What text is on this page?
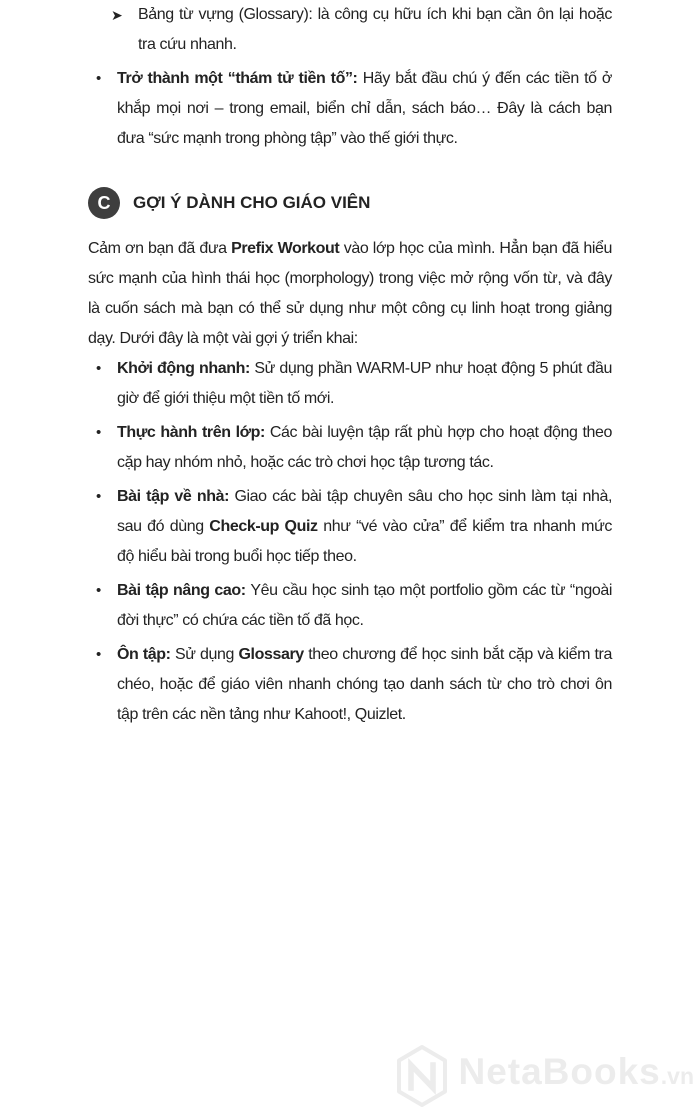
➤ Bảng từ vựng (Glossary): là công cụ hữu ích khi bạn cần ôn lại hoặc tra cứu nhanh.
• Trở thành một “thám tử tiền tố”: Hãy bắt đầu chú ý đến các tiền tố ở khắp mọi nơi – trong email, biển chỉ dẫn, sách báo… Đây là cách bạn đưa “sức mạnh trong phòng tập” vào thế giới thực.
C	GỢI Ý DÀNH CHO GIÁO VIÊN

Cảm ơn bạn đã đưa Prefix Workout vào lớp học của mình. Hẳn bạn đã hiểu sức mạnh của hình thái học (morphology) trong việc mở rộng vốn từ, và đây là cuốn sách mà bạn có thể sử dụng như một công cụ linh hoạt trong giảng dạy. Dưới đây là một vài gợi ý triển khai:

• Khởi động nhanh: Sử dụng phần WARM-UP như hoạt động 5 phút đầu giờ để giới thiệu một tiền tố mới.
• Thực hành trên lớp: Các bài luyện tập rất phù hợp cho hoạt động theo cặp hay nhóm nhỏ, hoặc các trò chơi học tập tương tác.
• Bài tập về nhà: Giao các bài tập chuyên sâu cho học sinh làm tại nhà, sau đó dùng Check-up Quiz như “vé vào cửa” để kiểm tra nhanh mức độ hiểu bài trong buổi học tiếp theo.
• Bài tập nâng cao: Yêu cầu học sinh tạo một portfolio gồm các từ “ngoài đời thực” có chứa các tiền tố đã học.
• Ôn tập: Sử dụng Glossary theo chương để học sinh bắt cặp và kiểm tra chéo, hoặc để giáo viên nhanh chóng tạo danh sách từ cho trò chơi ôn tập trên các nền tảng như Kahoot!, Quizlet.
NetaBooks.vn
